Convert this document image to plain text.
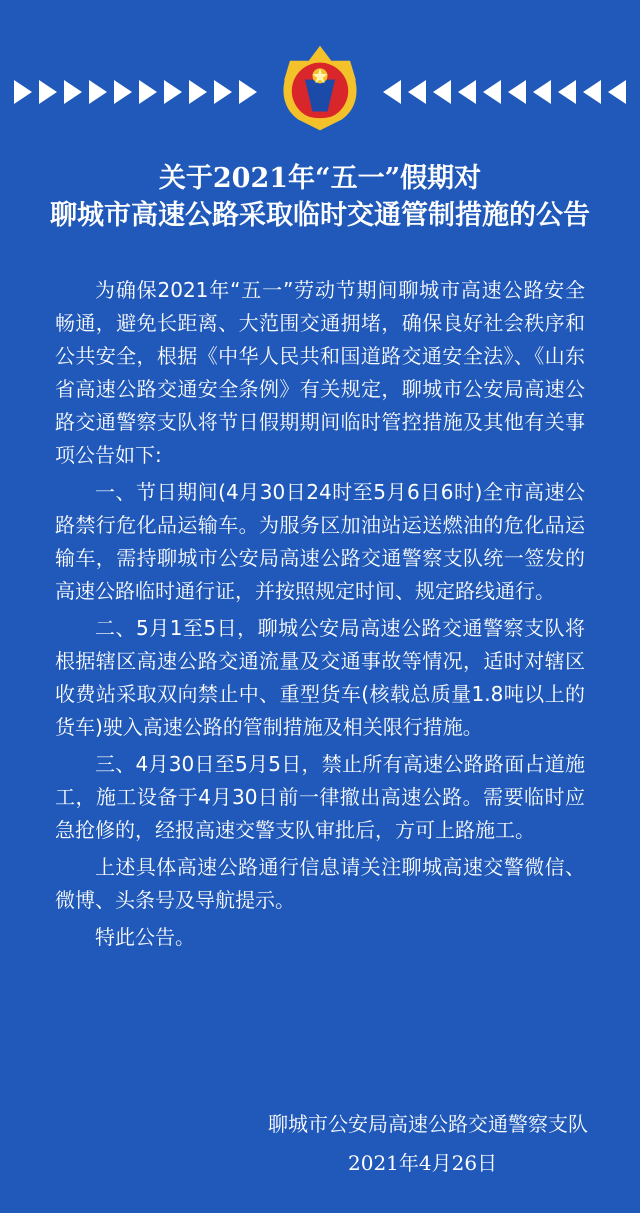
关于2021年“五一”假期对
聊城市高速公路采取临时交通管制措施的公告

为确保2021年“五一”劳动节期间聊城市高速公路安全畅通，避免长距离、大范围交通拥堵，确保良好社会秩序和公共安全，根据《中华人民共和国道路交通安全法》、《山东省高速公路交通安全条例》有关规定，聊城市公安局高速公路交通警察支队将节日假期期间临时管控措施及其他有关事项公告如下:

一、节日期间(4月30日24时至5月6日6时)全市高速公路禁行危化品运输车。为服务区加油站运送燃油的危化品运输车，需持聊城市公安局高速公路交通警察支队统一签发的高速公路临时通行证，并按照规定时间、规定路线通行。

二、5月1至5日，聊城公安局高速公路交通警察支队将根据辖区高速公路交通流量及交通事故等情况，适时对辖区收费站采取双向禁止中、重型货车(核载总质量1.8吨以上的货车)驶入高速公路的管制措施及相关限行措施。

三、4月30日至5月5日，禁止所有高速公路路面占道施工，施工设备于4月30日前一律撤出高速公路。需要临时应急抢修的，经报高速交警支队审批后，方可上路施工。

上述具体高速公路通行信息请关注聊城高速交警微信、微博、头条号及导航提示。

特此公告。

聊城市公安局高速公路交通警察支队
2021年4月26日
